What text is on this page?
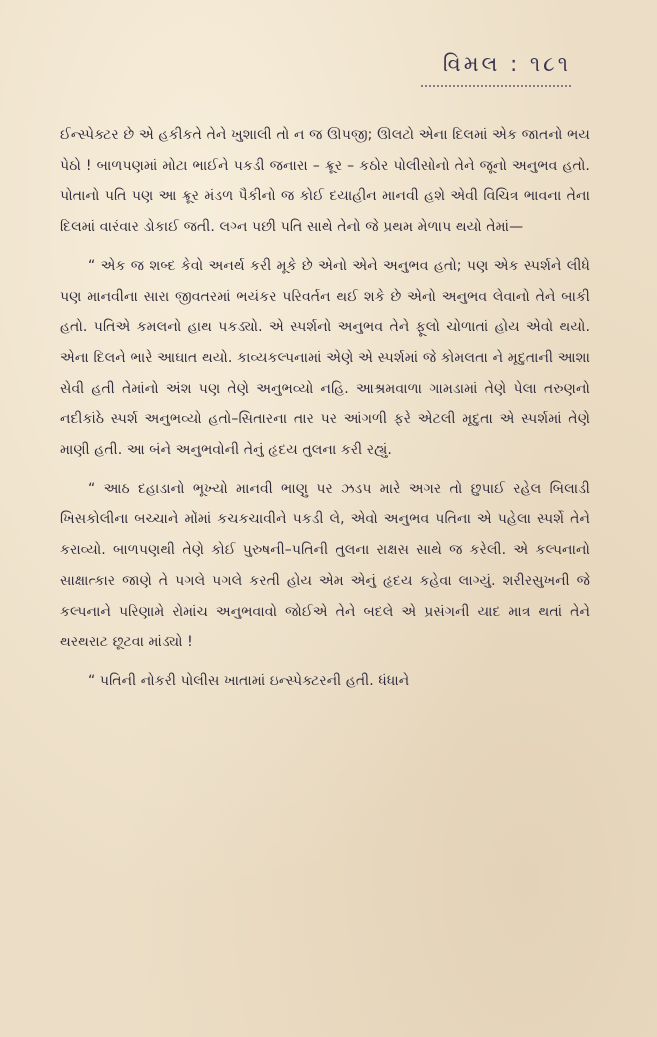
વિમલ : ૧૮૧

ઈન્સ્પેક્ટર છે એ હકીકતે તેને ખુશાલી તો ન જ ઊપજી; ઊલટો એના દિલમાં એક જાતનો ભય પેઠો ! બાળપણમાં મોટા ભાઈને પકડી જનારા – ક્રૂર – કઠોર પોલીસોનો તેને જૂનો અનુભવ હતો. પોતાનો પતિ પણ આ ક્રૂર મંડળ પૈકીનો જ કોઈ દયાહીન માનવી હશે એવી વિચિત્ર ભાવના તેના દિલમાં વારંવાર ડોકાઈ જતી. લગ્ન પછી પતિ સાથે તેનો જે પ્રથમ મેળાપ થયો તેમાં—

“ એક જ શબ્દ કેવો અનર્થ કરી મૂકે છે એનો એને અનુભવ હતો; પણ એક સ્પર્શને લીધે પણ માનવીના સારા જીવતરમાં ભયંકર પરિવર્તન થઈ શકે છે એનો અનુભવ લેવાનો તેને બાકી હતો. પતિએ કમલનો હાથ પકડ્યો. એ સ્પર્શનો અનુભવ તેને ફૂલો ચોળાતાં હોય એવો થયો. એના દિલને ભારે આઘાત થયો. કાવ્યકલ્પનામાં એણે એ સ્પર્શમાં જે કોમલતા ને મૃદુતાની આશા સેવી હતી તેમાંનો અંશ પણ તેણે અનુભવ્યો નહિ. આશ્રમવાળા ગામડામાં તેણે પેલા તરુણનો નદીકાંઠે સ્પર્શ અનુભવ્યો હતો–સિતારના તાર પર આંગળી ફરે એટલી મૃદુતા એ સ્પર્શમાં તેણે માણી હતી. આ બંને અનુભવોની તેનું હૃદય તુલના કરી રહ્યું.

“ આઠ દહાડાનો ભૂખ્યો માનવી ભાણુ પર ઝડપ મારે અગર તો છુપાઈ રહેલ બિલાડી ખિસકોલીના બચ્ચાને મોંમાં કચકચાવીને પકડી લે, એવો અનુભવ પતિના એ પહેલા સ્પર્શે તેને કરાવ્યો. બાળપણથી તેણે કોઈ પુરુષની–પતિની તુલના રાક્ષસ સાથે જ કરેલી. એ કલ્પનાનો સાક્ષાત્કાર જાણે તે પગલે પગલે કરતી હોય એમ એનું હૃદય કહેવા લાગ્યું. શરીરસુખની જે કલ્પનાને પરિણામે રોમાંચ અનુભવાવો જોઈએ તેને બદલે એ પ્રસંગની યાદ માત્ર થતાં તેને થરથરાટ છૂટવા માંડ્યો !

“ પતિની નોકરી પોલીસ ખાતામાં ઇન્સ્પેક્ટરની હતી. ધંધાને
